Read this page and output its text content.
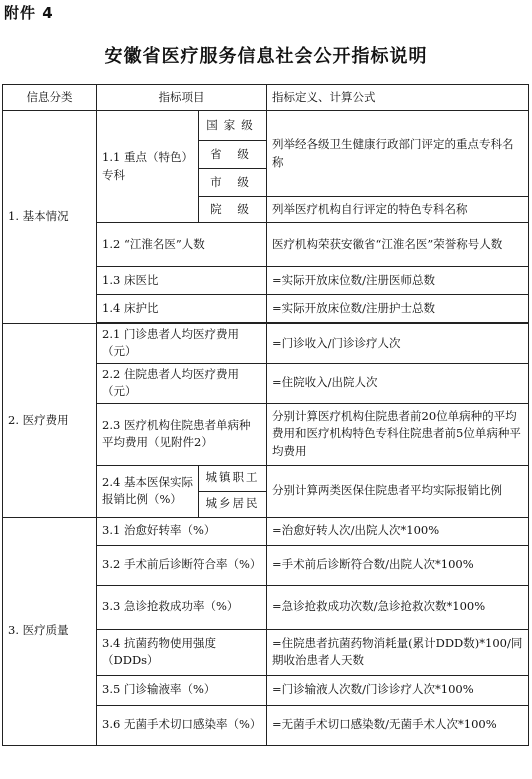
附件 4
安徽省医疗服务信息社会公开指标说明
信息分类	指标项目		指标定义、计算公式
1. 基本情况	1.1 重点（特色）专科	国家级	列举经各级卫生健康行政部门评定的重点专科名称
		省 级	
		市 级	
		院 级	列举医疗机构自行评定的特色专科名称
	1.2 “江淮名医”人数		医疗机构荣获安徽省“江淮名医”荣誉称号人数
	1.3 床医比		=实际开放床位数/注册医师总数
	1.4 床护比		=实际开放床位数/注册护士总数

2. 医疗费用	2.1 门诊患者人均医疗费用（元）		=门诊收入/门诊诊疗人次
	2.2 住院患者人均医疗费用（元）		=住院收入/出院人次
	2.3 医疗机构住院患者单病种平均费用（见附件2）		分别计算医疗机构住院患者前20位单病种的平均费用和医疗机构特色专科住院患者前5位单病种平均费用
	2.4 基本医保实际报销比例（%）	城镇职工	分别计算两类医保住院患者平均实际报销比例
		城乡居民	
3. 医疗质量	3.1 治愈好转率（%）		=治愈好转人次/出院人次*100%
	3.2 手术前后诊断符合率（%）		=手术前后诊断符合数/出院人次*100%
	3.3 急诊抢救成功率（%）		=急诊抢救成功次数/急诊抢救次数*100%
	3.4 抗菌药物使用强度（DDDs）		=住院患者抗菌药物消耗量(累计DDD数)*100/同期收治患者人天数
	3.5 门诊输液率（%）		=门诊输液人次数/门诊诊疗人次*100%
	3.6 无菌手术切口感染率（%）		=无菌手术切口感染数/无菌手术人次*100%
